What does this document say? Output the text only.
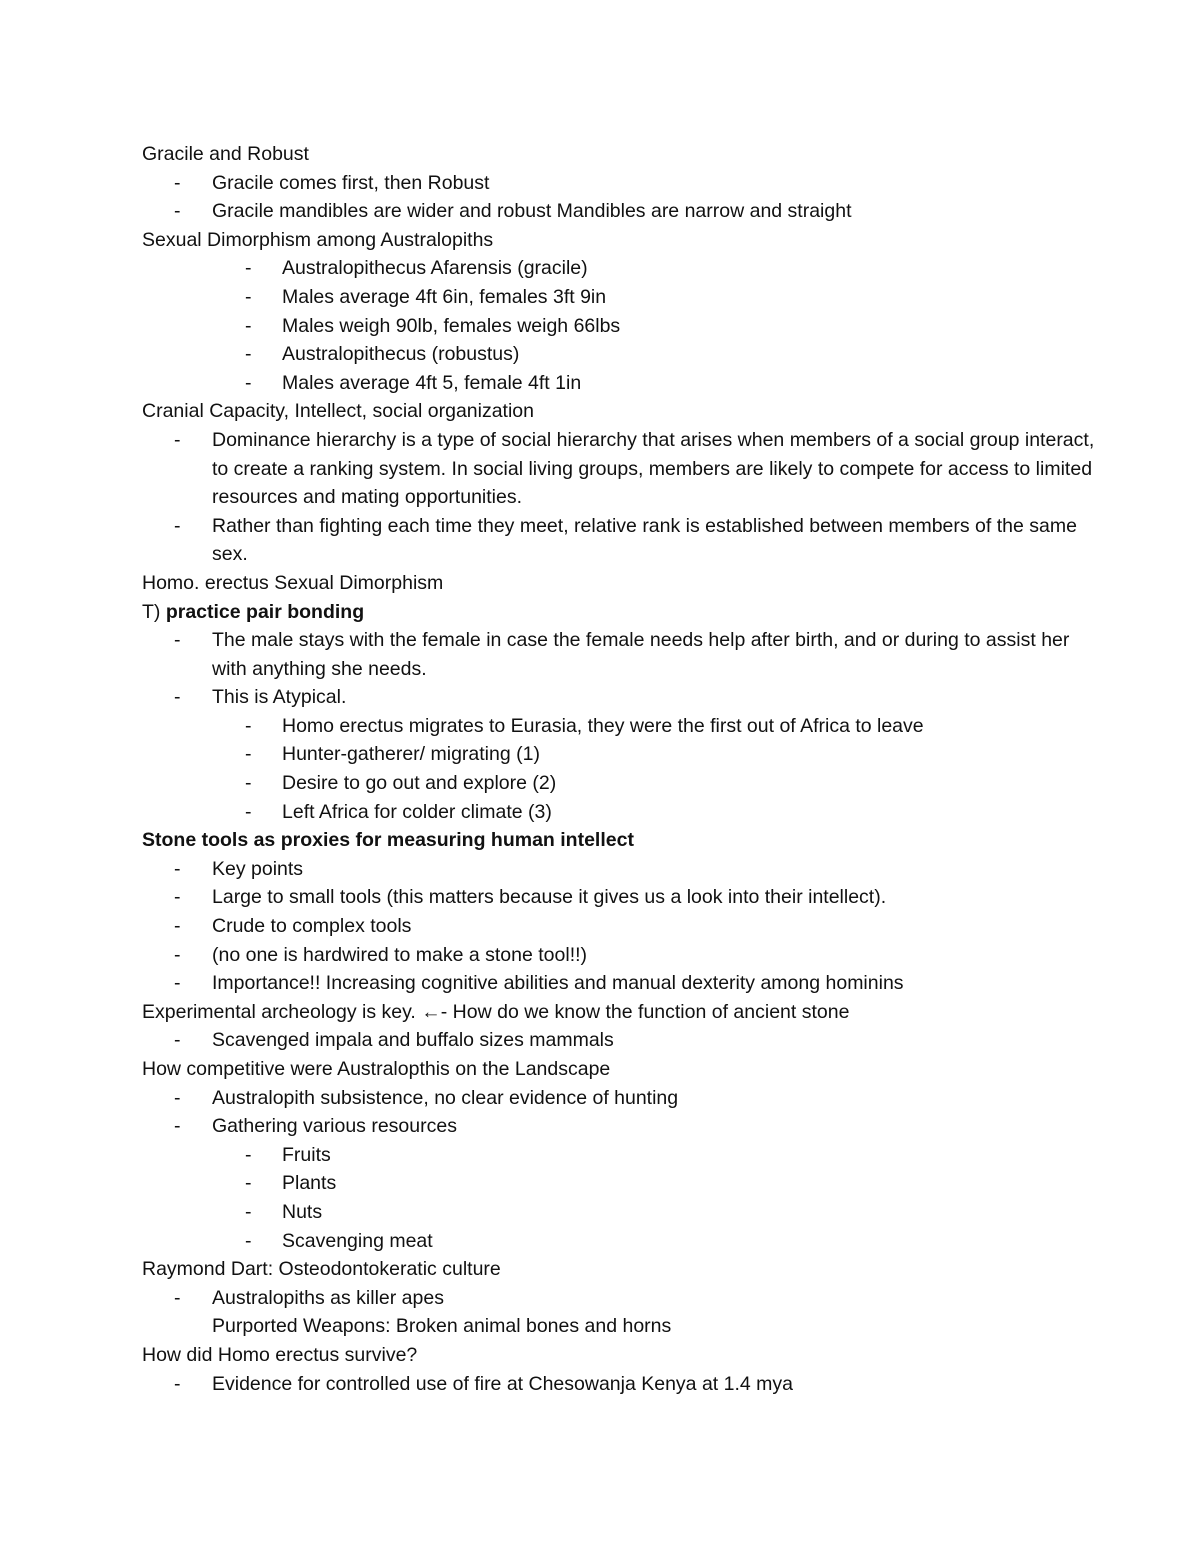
Gracile and Robust
- Gracile comes first, then Robust
- Gracile mandibles are wider and robust Mandibles are narrow and straight
Sexual Dimorphism among Australopiths
- Australopithecus Afarensis (gracile)
- Males average 4ft 6in, females 3ft 9in
- Males weigh 90lb, females weigh 66lbs
- Australopithecus (robustus)
- Males average 4ft 5, female 4ft 1in
Cranial Capacity, Intellect, social organization
- Dominance hierarchy is a type of social hierarchy that arises when members of a social group interact, to create a ranking system. In social living groups, members are likely to compete for access to limited resources and mating opportunities.
- Rather than fighting each time they meet, relative rank is established between members of the same sex.
Homo. erectus Sexual Dimorphism
T) practice pair bonding
- The male stays with the female in case the female needs help after birth, and or during to assist her with anything she needs.
- This is Atypical.
- Homo erectus migrates to Eurasia, they were the first out of Africa to leave
- Hunter-gatherer/ migrating (1)
- Desire to go out and explore (2)
- Left Africa for colder climate (3)
Stone tools as proxies for measuring human intellect
- Key points
- Large to small tools (this matters because it gives us a look into their intellect).
- Crude to complex tools
- (no one is hardwired to make a stone tool!!)
- Importance!! Increasing cognitive abilities and manual dexterity among hominins
Experimental archeology is key. ←- How do we know the function of ancient stone
- Scavenged impala and buffalo sizes mammals
How competitive were Australopthis on the Landscape
- Australopith subsistence, no clear evidence of hunting
- Gathering various resources
- Fruits
- Plants
- Nuts
- Scavenging meat
Raymond Dart: Osteodontokeratic culture
- Australopiths as killer apes
Purported Weapons: Broken animal bones and horns
How did Homo erectus survive?
- Evidence for controlled use of fire at Chesowanja Kenya at 1.4 mya
